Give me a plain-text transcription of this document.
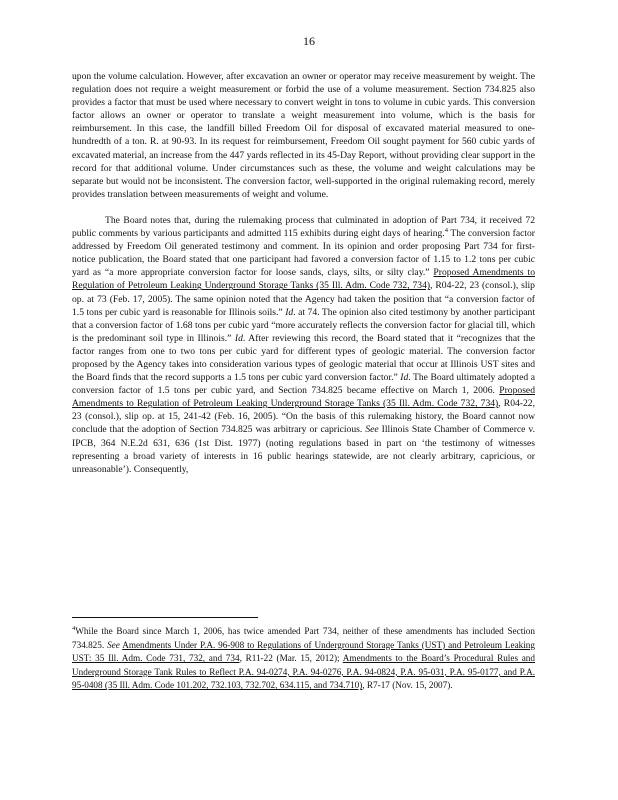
16

upon the volume calculation. However, after excavation an owner or operator may receive measurement by weight. The regulation does not require a weight measurement or forbid the use of a volume measurement. Section 734.825 also provides a factor that must be used where necessary to convert weight in tons to volume in cubic yards. This conversion factor allows an owner or operator to translate a weight measurement into volume, which is the basis for reimbursement. In this case, the landfill billed Freedom Oil for disposal of excavated material measured to one-hundredth of a ton. R. at 90-93. In its request for reimbursement, Freedom Oil sought payment for 560 cubic yards of excavated material, an increase from the 447 yards reflected in its 45-Day Report, without providing clear support in the record for that additional volume. Under circumstances such as these, the volume and weight calculations may be separate but would not be inconsistent. The conversion factor, well-supported in the original rulemaking record, merely provides translation between measurements of weight and volume.

The Board notes that, during the rulemaking process that culminated in adoption of Part 734, it received 72 public comments by various participants and admitted 115 exhibits during eight days of hearing.$^4$ The conversion factor addressed by Freedom Oil generated testimony and comment. In its opinion and order proposing Part 734 for first-notice publication, the Board stated that one participant had favored a conversion factor of 1.15 to 1.2 tons per cubic yard as “a more appropriate conversion factor for loose sands, clays, silts, or silty clay.” Proposed Amendments to Regulation of Petroleum Leaking Underground Storage Tanks (35 Ill. Adm. Code 732, 734), R04-22, 23 (consol.), slip op. at 73 (Feb. 17, 2005). The same opinion noted that the Agency had taken the position that “a conversion factor of 1.5 tons per cubic yard is reasonable for Illinois soils.” Id. at 74. The opinion also cited testimony by another participant that a conversion factor of 1.68 tons per cubic yard “more accurately reflects the conversion factor for glacial till, which is the predominant soil type in Illinois.” Id. After reviewing this record, the Board stated that it “recognizes that the factor ranges from one to two tons per cubic yard for different types of geologic material. The conversion factor proposed by the Agency takes into consideration various types of geologic material that occur at Illinois UST sites and the Board finds that the record supports a 1.5 tons per cubic yard conversion factor.” Id. The Board ultimately adopted a conversion factor of 1.5 tons per cubic yard, and Section 734.825 became effective on March 1, 2006. Proposed Amendments to Regulation of Petroleum Leaking Underground Storage Tanks (35 Ill. Adm. Code 732, 734), R04-22, 23 (consol.), slip op. at 15, 241-42 (Feb. 16, 2005). “On the basis of this rulemaking history, the Board cannot now conclude that the adoption of Section 734.825 was arbitrary or capricious. See Illinois State Chamber of Commerce v. IPCB, 364 N.E.2d 631, 636 (1st Dist. 1977) (noting regulations based in part on ‘the testimony of witnesses representing a broad variety of interests in 16 public hearings statewide, are not clearly arbitrary, capricious, or unreasonable’). Consequently,

$^4$While the Board since March 1, 2006, has twice amended Part 734, neither of these amendments has included Section 734.825. See Amendments Under P.A. 96-908 to Regulations of Underground Storage Tanks (UST) and Petroleum Leaking UST: 35 Ill. Adm. Code 731, 732, and 734, R11-22 (Mar. 15, 2012); Amendments to the Board’s Procedural Rules and Underground Storage Tank Rules to Reflect P.A. 94-0274, P.A. 94-0276, P.A. 94-0824, P.A. 95-031, P.A. 95-0177, and P.A. 95-0408 (35 Ill. Adm. Code 101.202, 732.103, 732.702, 634.115, and 734.710), R7-17 (Nov. 15, 2007).
